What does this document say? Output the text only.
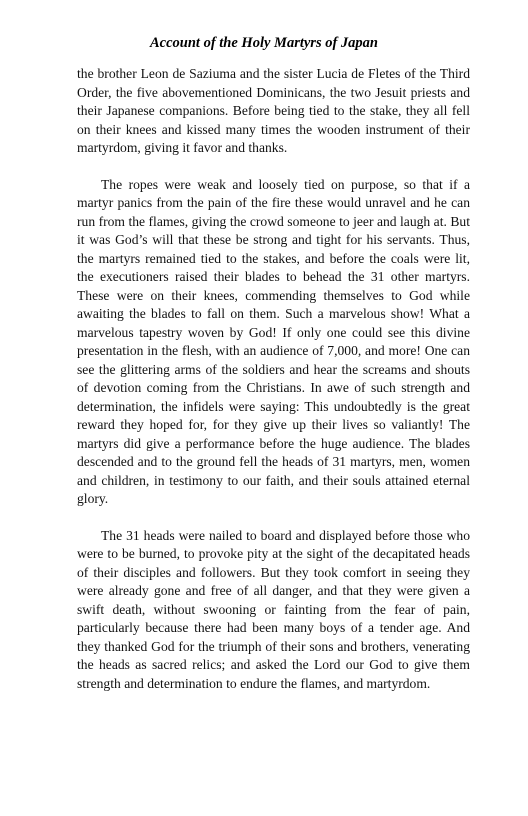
Account of the Holy Martyrs of Japan

the brother Leon de Saziuma and the sister Lucia de Fletes of the Third Order, the five abovementioned Dominicans, the two Jesuit priests and their Japanese companions. Before being tied to the stake, they all fell on their knees and kissed many times the wooden instrument of their martyrdom, giving it favor and thanks.

The ropes were weak and loosely tied on purpose, so that if a martyr panics from the pain of the fire these would unravel and he can run from the flames, giving the crowd someone to jeer and laugh at. But it was God’s will that these be strong and tight for his servants. Thus, the martyrs remained tied to the stakes, and before the coals were lit, the executioners raised their blades to behead the 31 other martyrs. These were on their knees, commending themselves to God while awaiting the blades to fall on them. Such a marvelous show! What a marvelous tapestry woven by God! If only one could see this divine presentation in the flesh, with an audience of 7,000, and more! One can see the glittering arms of the soldiers and hear the screams and shouts of devotion coming from the Christians. In awe of such strength and determination, the infidels were saying: This undoubtedly is the great reward they hoped for, for they give up their lives so valiantly! The martyrs did give a performance before the huge audience. The blades descended and to the ground fell the heads of 31 martyrs, men, women and children, in testimony to our faith, and their souls attained eternal glory.

The 31 heads were nailed to board and displayed before those who were to be burned, to provoke pity at the sight of the decapitated heads of their disciples and followers. But they took comfort in seeing they were already gone and free of all danger, and that they were given a swift death, without swooning or fainting from the fear of pain, particularly because there had been many boys of a tender age. And they thanked God for the triumph of their sons and brothers, venerating the heads as sacred relics; and asked the Lord our God to give them strength and determination to endure the flames, and martyrdom.
